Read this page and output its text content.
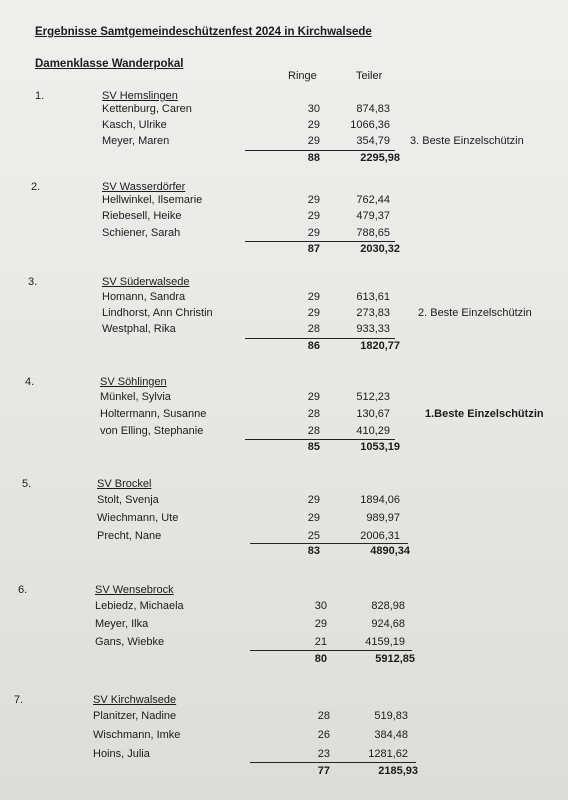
Ergebnisse Samtgemeindeschützenfest 2024 in Kirchwalsede
Damenklasse Wanderpokal
Ringe	Teiler
1.	SV Hemslingen
Kettenburg, Caren	30	874,83
Kasch, Ulrike	29	1066,36
Meyer, Maren	29	354,79 3. Beste Einzelschützin
88	2295,98
2.	SV Wasserdörfer
Hellwinkel, Ilsemarie	29	762,44
Riebesell, Heike	29	479,37
Schiener, Sarah	29	788,65
87	2030,32
3.	SV Süderwalsede
Homann, Sandra	29	613,61
Lindhorst, Ann Christin	29	273,83	2. Beste Einzelschützin
Westphal, Rika	28	933,33
86	1820,77
4.	SV Söhlingen
Münkel, Sylvia	29	512,23
Holtermann, Susanne	28	130,67	1.Beste Einzelschützin
von Elling, Stephanie	28	410,29
85	1053,19
5.	SV Brockel
Stolt, Svenja	29	1894,06
Wiechmann, Ute	29	989,97
Precht, Nane	25	2006,31
83	4890,34
6.	SV Wensebrock
Lebiedz, Michaela	30	828,98
Meyer, Ilka	29	924,68
Gans, Wiebke	21	4159,19
80	5912,85
7.	SV Kirchwalsede
Planitzer, Nadine	28	519,83
Wischmann, Imke	26	384,48
Hoins, Julia	23	1281,62
77	2185,93
